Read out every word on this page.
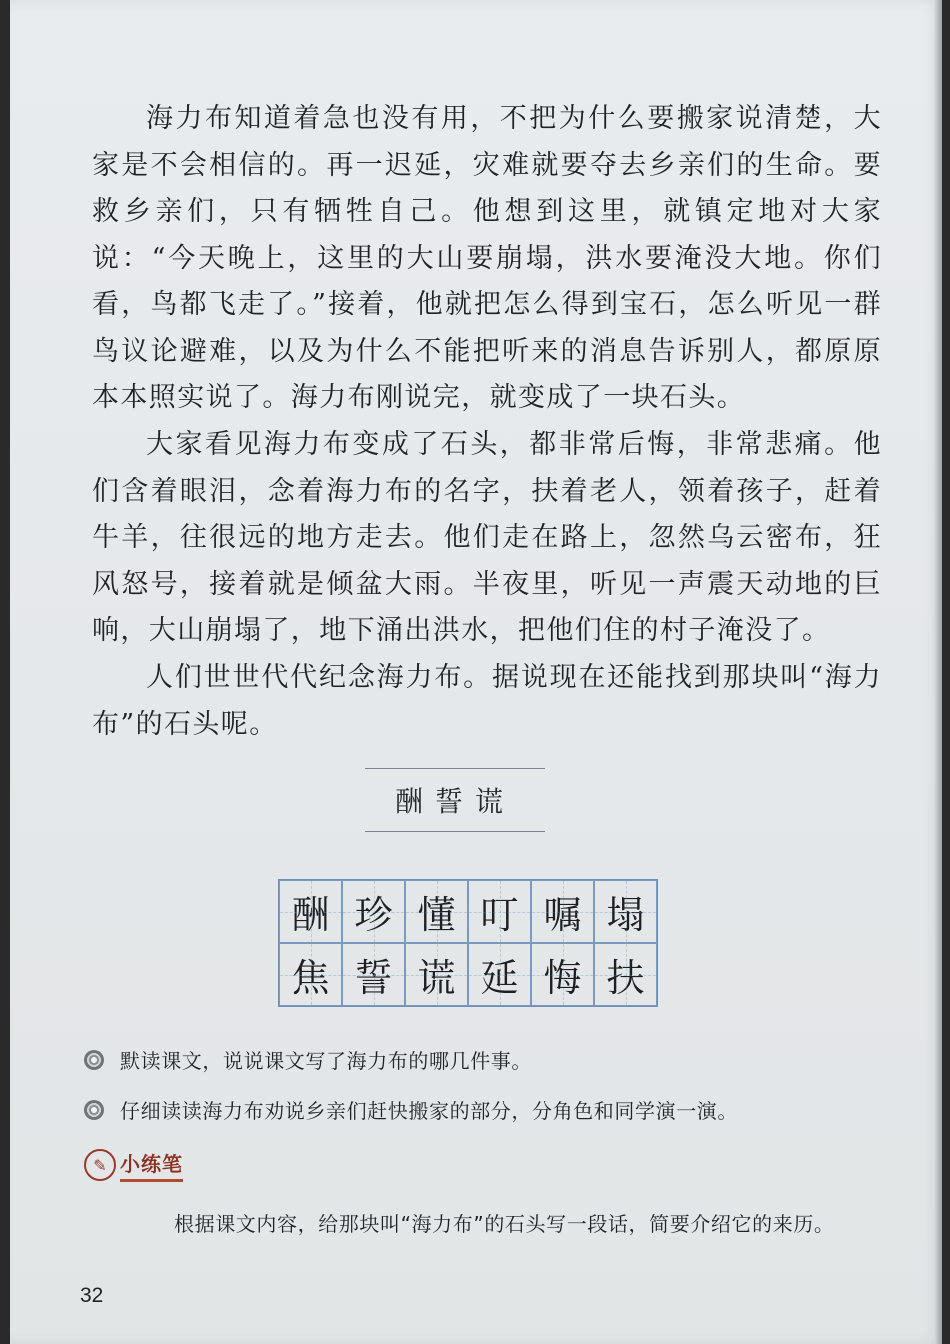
海力布知道着急也没有用，不把为什么要搬家说清楚，大家是不会相信的。再一迟延，灾难就要夺去乡亲们的生命。要救乡亲们，只有牺牲自己。他想到这里，就镇定地对大家说：“今天晚上，这里的大山要崩塌，洪水要淹没大地。你们看，鸟都飞走了。”接着，他就把怎么得到宝石，怎么听见一群鸟议论避难，以及为什么不能把听来的消息告诉别人，都原原本本照实说了。海力布刚说完，就变成了一块石头。

大家看见海力布变成了石头，都非常后悔，非常悲痛。他们含着眼泪，念着海力布的名字，扶着老人，领着孩子，赶着牛羊，往很远的地方走去。他们走在路上，忽然乌云密布，狂风怒号，接着就是倾盆大雨。半夜里，听见一声震天动地的巨响，大山崩塌了，地下涌出洪水，把他们住的村子淹没了。

人们世世代代纪念海力布。据说现在还能找到那块叫“海力布”的石头呢。

酬誓谎
酬 珍 懂 叮 嘱 塌
焦 誓 谎 延 悔 扶
默读课文，说说课文写了海力布的哪几件事。
仔细读读海力布劝说乡亲们赶快搬家的部分，分角色和同学演一演。
✎ 小练笔
根据课文内容，给那块叫“海力布”的石头写一段话，简要介绍它的来历。
32
